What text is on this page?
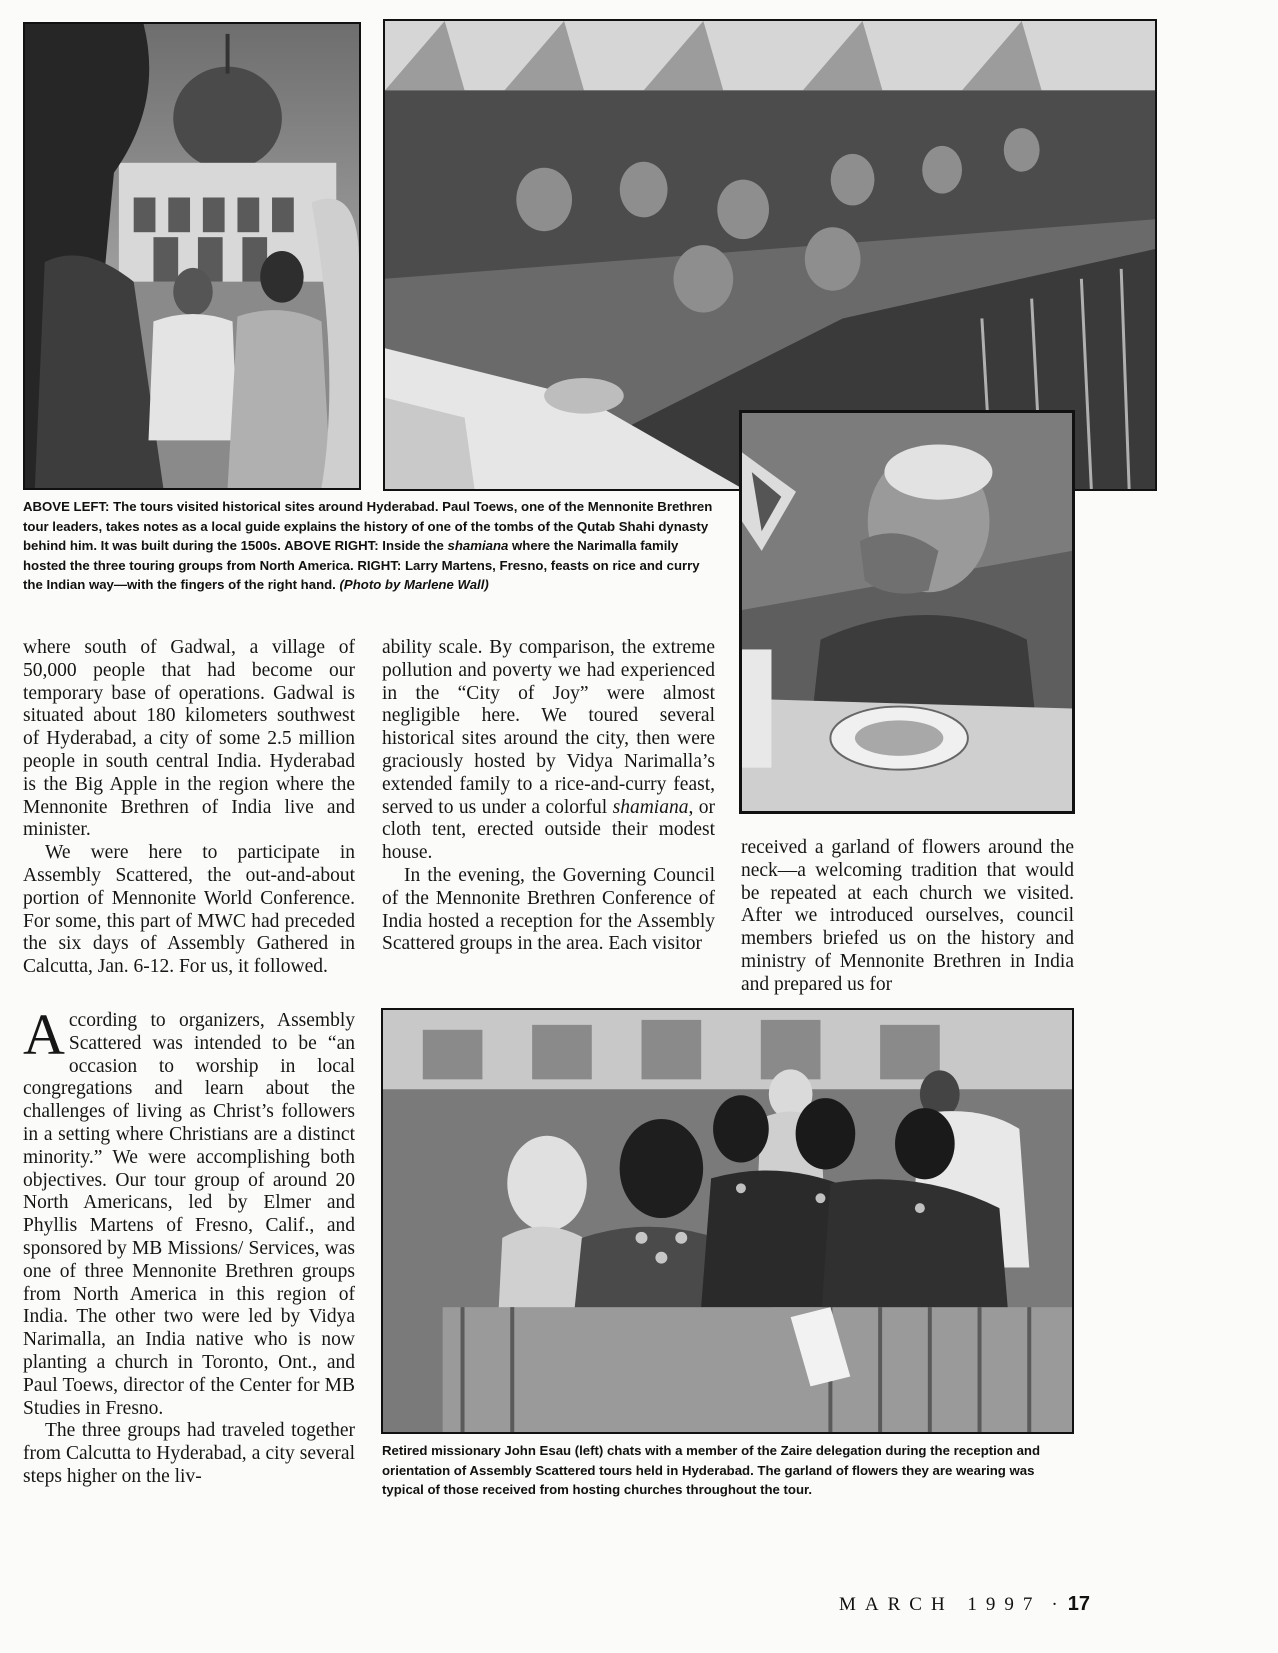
ABOVE LEFT: The tours visited historical sites around Hyderabad. Paul Toews, one of the Mennonite Brethren tour leaders, takes notes as a local guide explains the history of one of the tombs of the Qutab Shahi dynasty behind him. It was built during the 1500s. ABOVE RIGHT: Inside the shamiana where the Narimalla family hosted the three touring groups from North America. RIGHT: Larry Martens, Fresno, feasts on rice and curry the Indian way—with the fingers of the right hand. (Photo by Marlene Wall)

where south of Gadwal, a village of 50,000 people that had become our temporary base of operations. Gadwal is situated about 180 kilometers southwest of Hyderabad, a city of some 2.5 million people in south central India. Hyderabad is the Big Apple in the region where the Mennonite Brethren of India live and minister.

We were here to participate in Assembly Scattered, the out-and-about portion of Mennonite World Conference. For some, this part of MWC had preceded the six days of Assembly Gathered in Calcutta, Jan. 6-12. For us, it followed.

According to organizers, Assembly Scattered was intended to be “an occasion to worship in local congregations and learn about the challenges of living as Christ’s followers in a setting where Christians are a distinct minority.” We were accomplishing both objectives. Our tour group of around 20 North Americans, led by Elmer and Phyllis Martens of Fresno, Calif., and sponsored by MB Missions/ Services, was one of three Mennonite Brethren groups from North America in this region of India. The other two were led by Vidya Narimalla, an India native who is now planting a church in Toronto, Ont., and Paul Toews, director of the Center for MB Studies in Fresno.

The three groups had traveled together from Calcutta to Hyderabad, a city several steps higher on the liv-

ability scale. By comparison, the extreme pollution and poverty we had experienced in the “City of Joy” were almost negligible here. We toured several historical sites around the city, then were graciously hosted by Vidya Narimalla’s extended family to a rice-and-curry feast, served to us under a colorful shamiana, or cloth tent, erected outside their modest house.

In the evening, the Governing Council of the Mennonite Brethren Conference of India hosted a reception for the Assembly Scattered groups in the area. Each visitor

received a garland of flowers around the neck—a welcoming tradition that would be repeated at each church we visited. After we introduced ourselves, council members briefed us on the history and ministry of Mennonite Brethren in India and prepared us for

Retired missionary John Esau (left) chats with a member of the Zaire delegation during the reception and orientation of Assembly Scattered tours held in Hyderabad. The garland of flowers they are wearing was typical of those received from hosting churches throughout the tour.

MARCH 1997 · 17
